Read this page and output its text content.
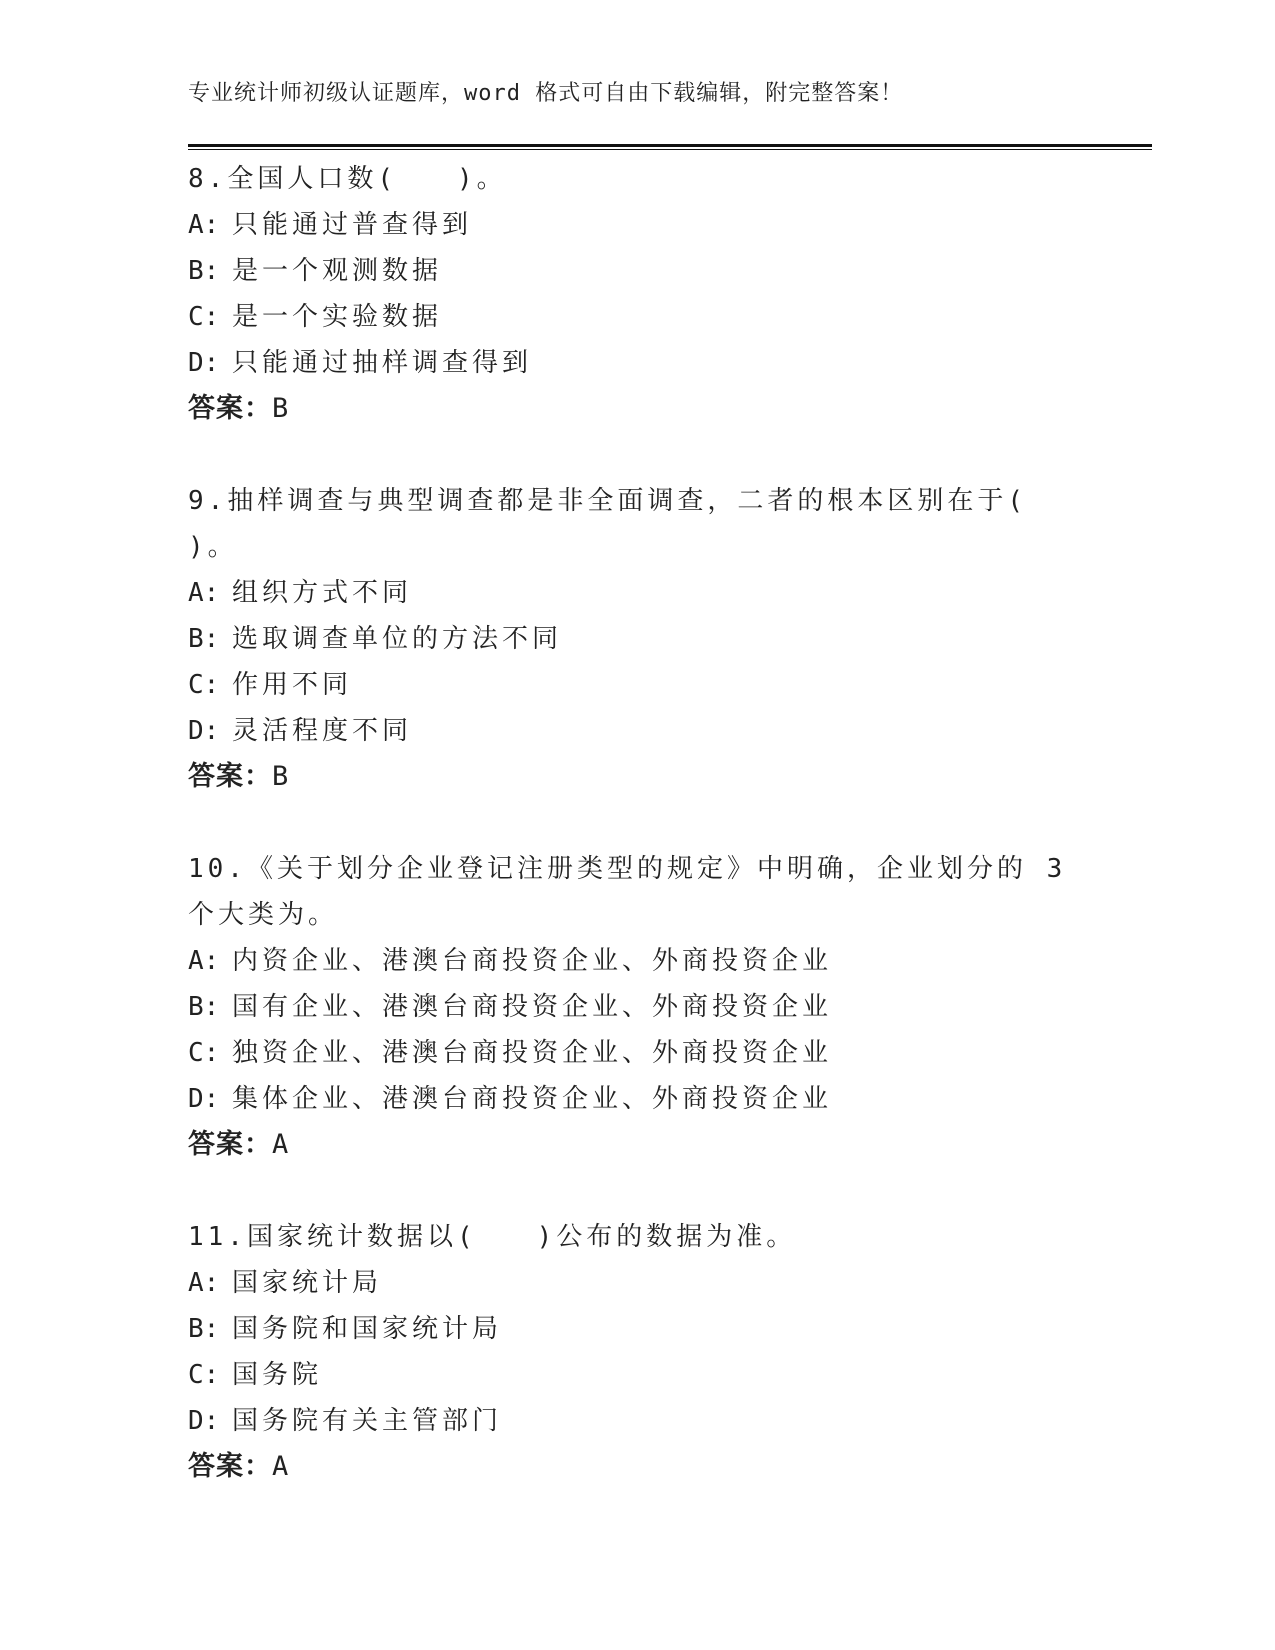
专业统计师初级认证题库，word 格式可自由下载编辑，附完整答案！
8.全国人口数(　　)。
A: 只能通过普查得到
B: 是一个观测数据
C: 是一个实验数据
D: 只能通过抽样调查得到
答案：B
9.抽样调查与典型调查都是非全面调查，二者的根本区别在于(　　)。
A: 组织方式不同
B: 选取调查单位的方法不同
C: 作用不同
D: 灵活程度不同
答案：B
10.《关于划分企业登记注册类型的规定》中明确，企业划分的 3 个大类为。
A: 内资企业、港澳台商投资企业、外商投资企业
B: 国有企业、港澳台商投资企业、外商投资企业
C: 独资企业、港澳台商投资企业、外商投资企业
D: 集体企业、港澳台商投资企业、外商投资企业
答案：A
11.国家统计数据以(　　)公布的数据为准。
A: 国家统计局
B: 国务院和国家统计局
C: 国务院
D: 国务院有关主管部门
答案：A
